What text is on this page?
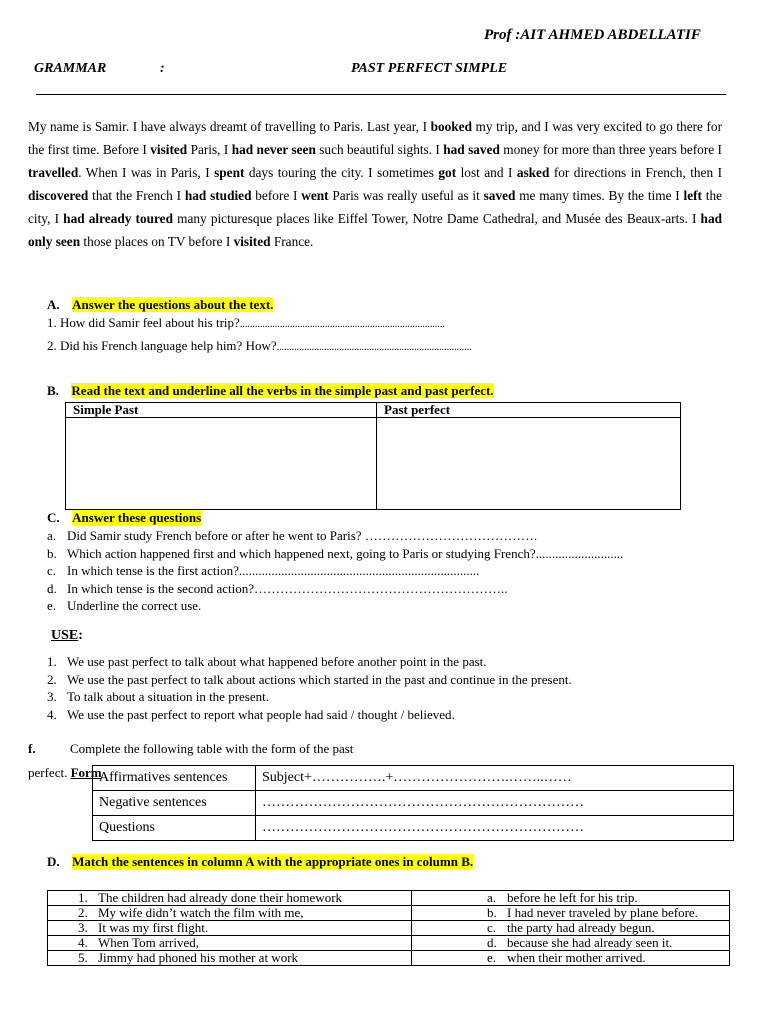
Prof :AIT AHMED ABDELLATIF
GRAMMAR	:	PAST PERFECT SIMPLE
My name is Samir. I have always dreamt of travelling to Paris. Last year, I booked my trip, and I was very excited to go there for the first time. Before I visited Paris, I had never seen such beautiful sights. I had saved money for more than three years before I travelled. When I was in Paris, I spent days touring the city. I sometimes got lost and I asked for directions in French, then I discovered that the French I had studied before I went Paris was really useful as it saved me many times. By the time I left the city, I had already toured many picturesque places like Eiffel Tower, Notre Dame Cathedral, and Musée des Beaux-arts. I had only seen those places on TV before I visited France.
A. Answer the questions about the text.
1. How did Samir feel about his trip?..................................................................................
2. Did his French language help him? How?..............................................................................
B. Read the text and underline all the verbs in the simple past and past perfect.
Simple Past	Past perfect

C. Answer these questions
a. Did Samir study French before or after he went to Paris? ………………………………….
b. Which action happened first and which happened next, going to Paris or studying French?...........................
c. In which tense is the first action?..........................................................................
d. In which tense is the second action?…………………………………………………..
e. Underline the correct use.
USE:
1. We use past perfect to talk about what happened before another point in the past.
2. We use the past perfect to talk about actions which started in the past and continue in the present.
3. To talk about a situation in the present.
4. We use the past perfect to report what people had said / thought / believed.
f.	Complete the following table with the form of the past
perfect. Form
Affirmatives sentences	Subject+…………….+…………………….……..……
Negative sentences	……………………………………………………………
Questions	……………………………………………………………
D. Match the sentences in column A with the appropriate ones in column B.
1. The children had already done their homework	a. before he left for his trip.
2. My wife didn’t watch the film with me,	b. I had never traveled by plane before.
3. It was my first flight.	c. the party had already begun.
4. When Tom arrived,	d. because she had already seen it.
5. Jimmy had phoned his mother at work	e. when their mother arrived.
